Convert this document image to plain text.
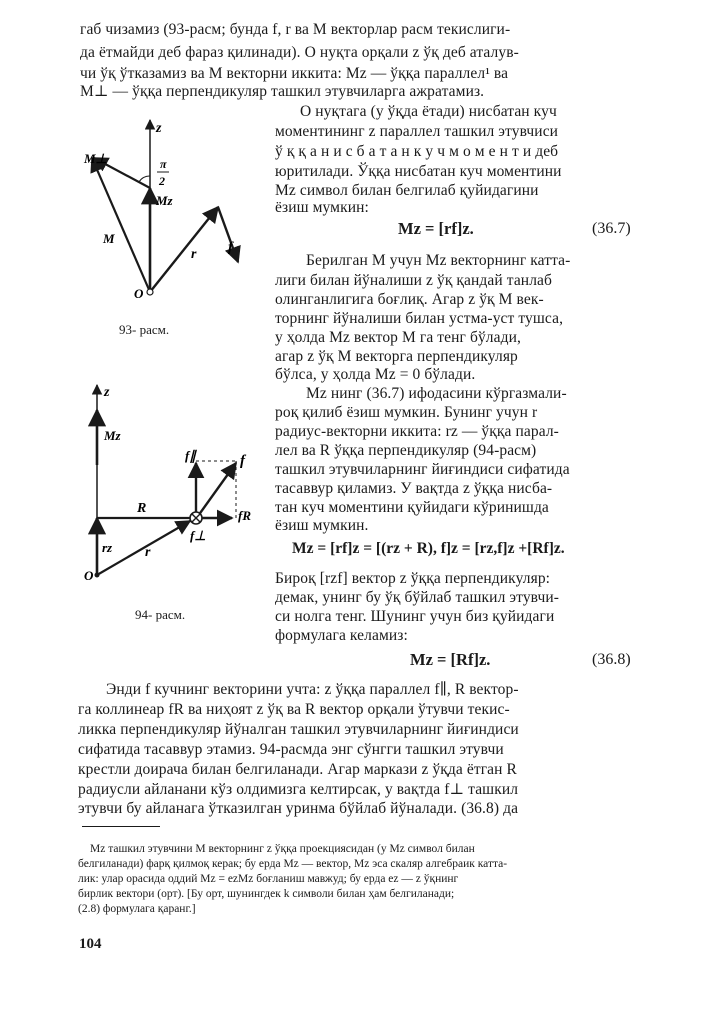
габ чизамиз (93-расм; бунда f, r ва M векторлар расм текислиги-
да ётмайди деб фараз қилинади). O нуқта орқали z ўқ деб аталув-
чи ўқ ўтказамиз ва M векторни иккита: Mz — ўққа параллел¹ ва
M⊥ — ўққа перпендикуляр ташкил этувчиларга ажратамиз.
O нуқтага (у ўқда ётади) нисбатан куч
моментининг z параллел ташкил этувчиси
ў қ қ а н и с б а т а н к у ч м о м е н т и деб
юритилади. Ўққа нисбатан куч моментини
Mz символ билан белгилаб қуйидагини
ёзиш мумкин:
Mz = [rf]z.	(36.7)
Берилган M учун Mz векторнинг катта-
лиги билан йўналиши z ўқ қандай танлаб
олинганлигига боғлиқ. Агар z ўқ M век-
торнинг йўналиши билан устма-уст тушса,
у ҳолда Mz вектор M га тенг бўлади,
агар z ўқ M векторга перпендикуляр
бўлса, у ҳолда Mz = 0 бўлади.
Mz нинг (36.7) ифодасини кўргазмали-
роқ қилиб ёзиш мумкин. Бунинг учун r
радиус-векторни иккита: rz — ўққа парал-
лел ва R ўққа перпендикуляр (94-расм)
ташкил этувчиларнинг йиғиндиси сифатида
тасаввур қиламиз. У вақтда z ўққа нисба-
тан куч моментини қуйидаги кўринишда
ёзиш мумкин.
Mz = [rf]z = [(rz + R), f]z = [rz,f]z +[Rf]z.
Бироқ [rzf] вектор z ўққа перпендикуляр:
демак, унинг бу ўқ бўйлаб ташкил этувчи-
си нолга тенг. Шунинг учун биз қуйидаги
формулага келамиз:
Mz = [Rf]z.	(36.8)
Энди f кучнинг векторини учта: z ўққа параллел f∥, R вектор-
га коллинеар fR ва ниҳоят z ўқ ва R вектор орқали ўтувчи текис-
ликка перпендикуляр йўналган ташкил этувчиларнинг йиғиндиси
сифатида тасаввур этамиз. 94-расмда энг сўнгги ташкил этувчи
крестли доирача билан белгиланади. Агар маркази z ўқда ётган R
радиусли айланани кўз олдимизга келтирсак, у вақтда f⊥ ташкил
этувчи бу айланага ўтказилган уринма бўйлаб йўналади. (36.8) да
Mz ташкил этувчини M векторнинг z ўққа проекциясидан (у Mz символ билан
белгиланади) фарқ қилмоқ керак; бу ерда Mz — вектор, Mz эса скаляр алгебраик катта-
лик: улар орасида оддий Mz = ezMz боғланиш мавжуд; бу ерда ez — z ўқнинг
бирлик вектори (орт). [Бу орт, шунингдек k символи билан ҳам белгиланади;
(2.8) формулага қаранг.]
104
z
M⊥	π
2
Mz
M
r f
O
93- расм.
z
Mz
f∥	f
R	fR
rz r
f⊥
O
94- расм.
